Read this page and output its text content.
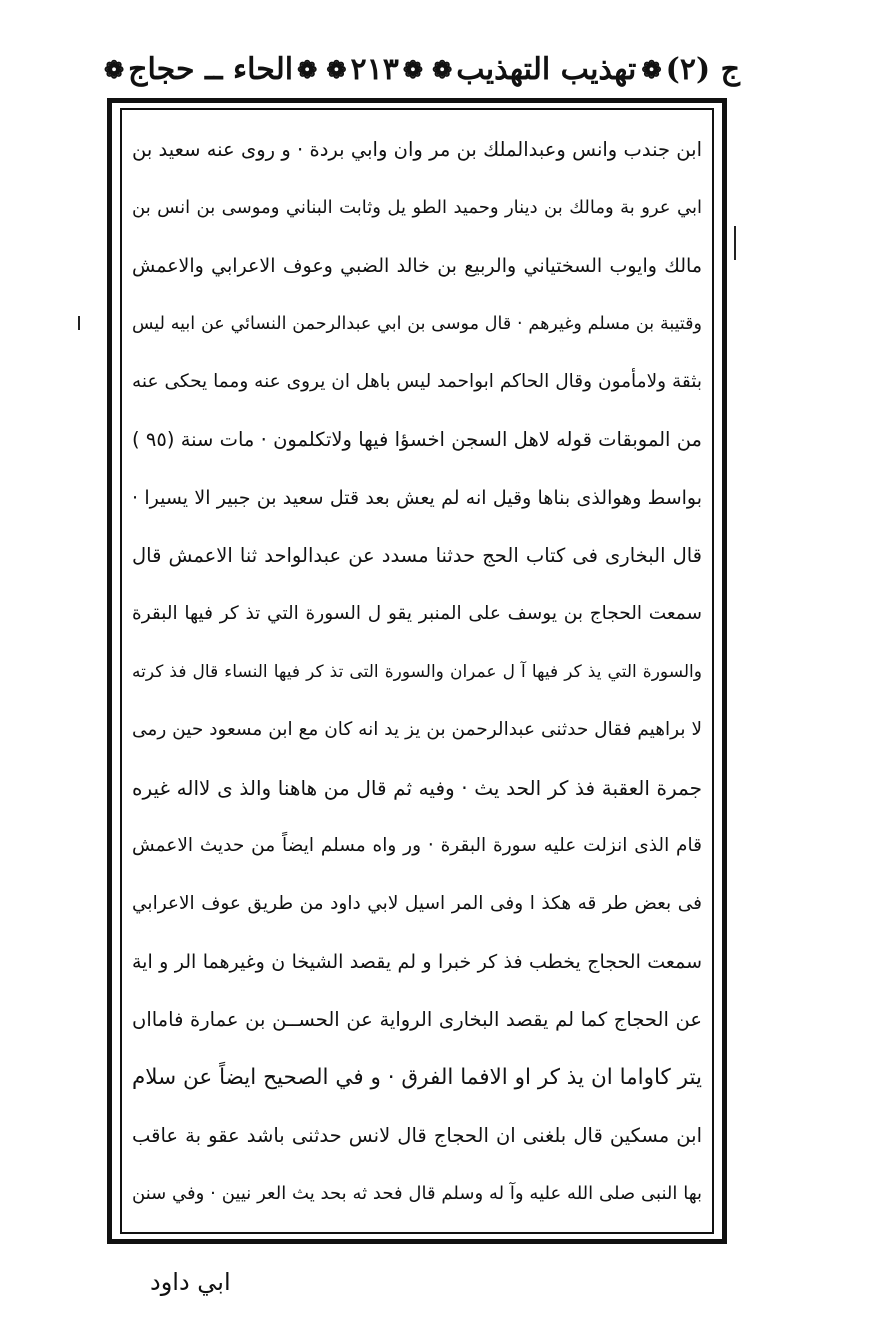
ج (٢)
❁
تهذيب التهذيب
❁
❁
٢١٣
❁
❁
الحاء ــ حجاج
❁
ابن جندب وانس وعبدالملك بن مر وان وابي بردة · و روى عنه سعيد بن
ابي عرو بة ومالك بن دينار وحميد الطو يل وثابت البناني وموسى بن انس بن
مالك وايوب السختياني والربيع بن خالد الضبي وعوف الاعرابي والاعمش
وقتيبة بن مسلم وغيرهم · قال موسى بن ابي عبدالرحمن النسائي عن ابيه ليس
بثقة ولامأمون وقال الحاكم ابواحمد ليس باهل ان يروى عنه ومما يحكى عنه
من الموبقات قوله لاهل السجن اخسؤا فيها ولاتكلمون · مات سنة (٩٥ )
بواسط وهوالذى بناها وقيل انه لم يعش بعد قتل سعيد بن جبير الا يسيرا ·
قال البخارى فى كتاب الحج حدثنا مسدد عن عبدالواحد ثنا الاعمش قال
سمعت الحجاج بن يوسف على المنبر يقو ل السورة التي تذ كر فيها البقرة
والسورة التي يذ كر فيها آ ل عمران والسورة التى تذ كر فيها النساء قال فذ كرته
لا براهيم فقال حدثنى عبدالرحمن بن يز يد انه كان مع ابن مسعود حين رمى
جمرة العقبة فذ كر الحد يث · وفيه ثم قال من هاهنا والذ ى لااله غيره
قام الذى انزلت عليه سورة البقرة · ور واه مسلم ايضاً من حديث الاعمش
فى بعض طر قه هكذ ا وفى المر اسيل لابي داود من طريق عوف الاعرابي
سمعت الحجاج يخطب فذ كر خبرا و لم يقصد الشيخا ن وغيرهما الر و اية
عن الحجاج كما لم يقصد البخارى الرواية عن الحســن بن عمارة فامااں
يتر كاواما ان يذ كر او الافما الفرق · و في الصحيح ايضاً عن سلام
ابن مسكين قال بلغنى ان الحجاج قال لانس حدثنى باشد عقو بة عاقب
بها النبى صلى الله عليه وآ له وسلم قال فحد ثه بحد يث العر نيين · وفي سنن
ابي داود
